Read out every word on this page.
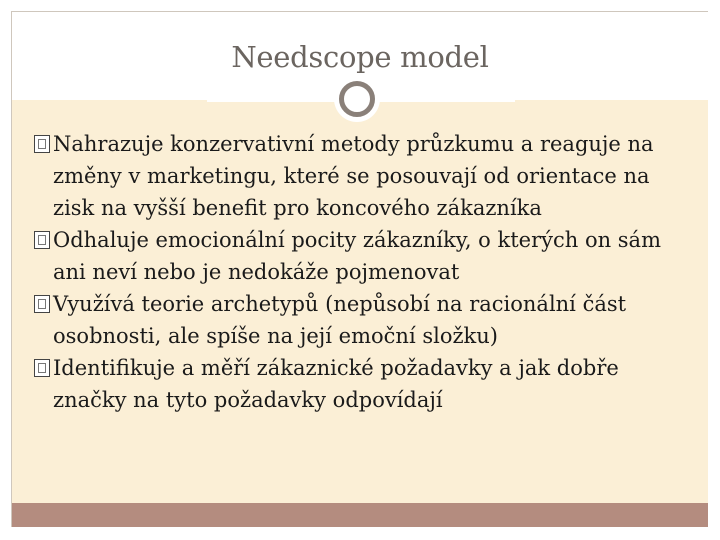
Needscope model
Nahrazuje konzervativní metody průzkumu a reaguje na změny v marketingu, které se posouvají od orientace na zisk na vyšší benefit pro koncového zákazníka
Odhaluje emocionální pocity zákazníky, o kterých on sám ani neví nebo je nedokáže pojmenovat
Využívá teorie archetypů (nepůsobí na racionální část osobnosti, ale spíše na její emoční složku)
Identifikuje a měří zákaznické požadavky a jak dobře značky na tyto požadavky odpovídají
